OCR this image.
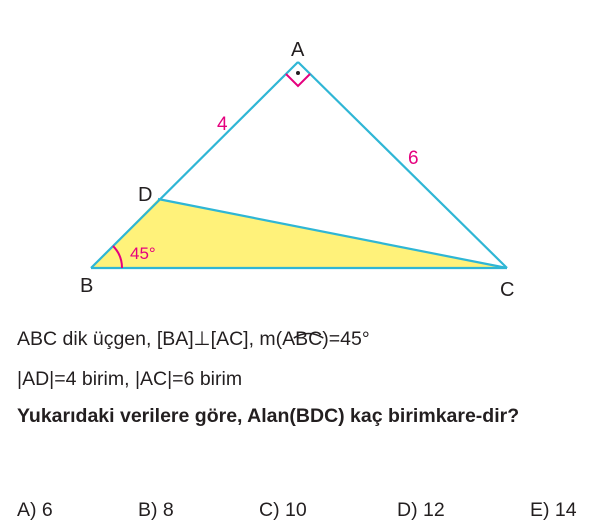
A
B	C
D
4
6
45°
ABC dik üçgen, [BA]⊥[AC], m(A
BC)=45°
|AD|=4 birim, |AC|=6 birim
Yukarıdaki verilere göre, Alan(BDC) kaç birimkare-dir?
A) 6	B) 8	C) 10	D) 12	E) 14
